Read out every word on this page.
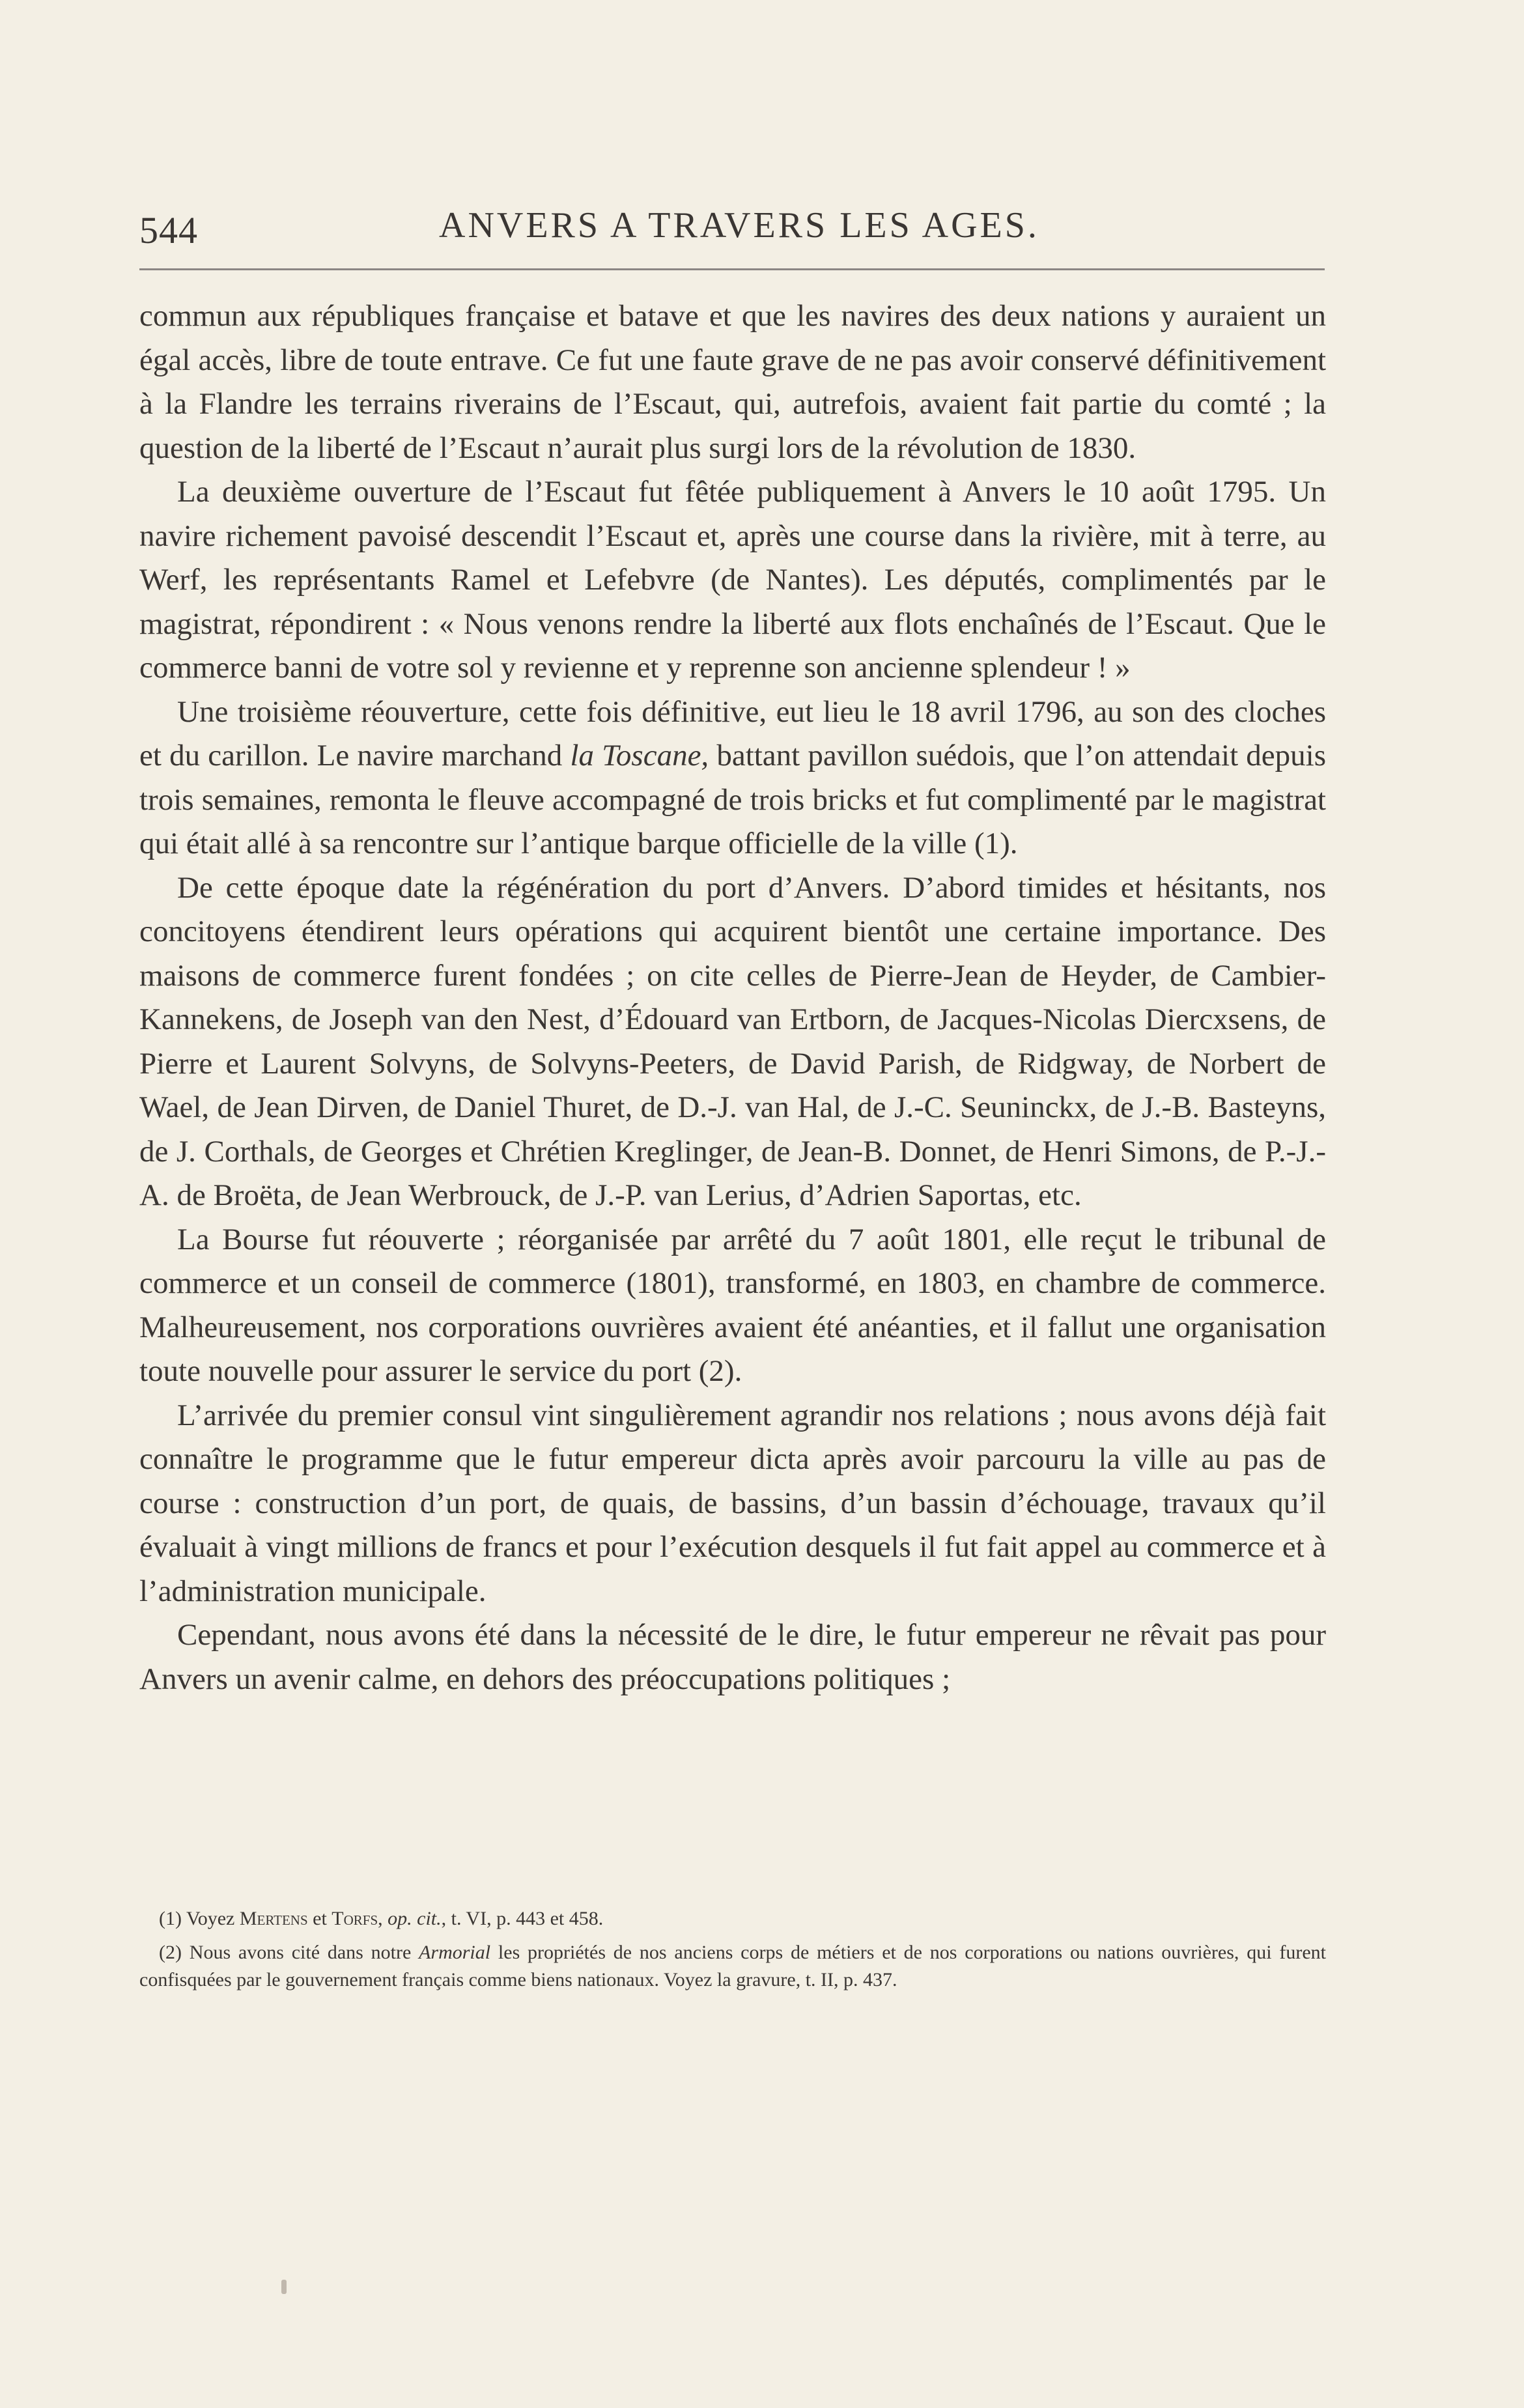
544	ANVERS A TRAVERS LES AGES.

commun aux républiques française et batave et que les navires des deux nations y auraient un égal accès, libre de toute entrave. Ce fut une faute grave de ne pas avoir conservé définitivement à la Flandre les terrains riverains de l’Escaut, qui, autrefois, avaient fait partie du comté ; la question de la liberté de l’Escaut n’aurait plus surgi lors de la révolution de 1830.

La deuxième ouverture de l’Escaut fut fêtée publiquement à Anvers le 10 août 1795. Un navire richement pavoisé descendit l’Escaut et, après une course dans la rivière, mit à terre, au Werf, les représentants Ramel et Lefebvre (de Nantes). Les députés, complimentés par le magistrat, répondirent : « Nous venons rendre la liberté aux flots enchaînés de l’Escaut. Que le commerce banni de votre sol y revienne et y reprenne son ancienne splendeur ! »

Une troisième réouverture, cette fois définitive, eut lieu le 18 avril 1796, au son des cloches et du carillon. Le navire marchand la Toscane, battant pavillon suédois, que l’on attendait depuis trois semaines, remonta le fleuve accompagné de trois bricks et fut complimenté par le magistrat qui était allé à sa rencontre sur l’antique barque officielle de la ville (1).

De cette époque date la régénération du port d’Anvers. D’abord timides et hésitants, nos concitoyens étendirent leurs opérations qui acquirent bientôt une certaine importance. Des maisons de commerce furent fondées ; on cite celles de Pierre-Jean de Heyder, de Cambier-Kannekens, de Joseph van den Nest, d’Édouard van Ertborn, de Jacques-Nicolas Diercxsens, de Pierre et Laurent Solvyns, de Solvyns-Peeters, de David Parish, de Ridgway, de Norbert de Wael, de Jean Dirven, de Daniel Thuret, de D.-J. van Hal, de J.-C. Seuninckx, de J.-B. Basteyns, de J. Corthals, de Georges et Chrétien Kreglinger, de Jean-B. Donnet, de Henri Simons, de P.-J.-A. de Broëta, de Jean Werbrouck, de J.-P. van Lerius, d’Adrien Saportas, etc.

La Bourse fut réouverte ; réorganisée par arrêté du 7 août 1801, elle reçut le tribunal de commerce et un conseil de commerce (1801), transformé, en 1803, en chambre de commerce. Malheureusement, nos corporations ouvrières avaient été anéanties, et il fallut une organisation toute nouvelle pour assurer le service du port (2).

L’arrivée du premier consul vint singulièrement agrandir nos relations ; nous avons déjà fait connaître le programme que le futur empereur dicta après avoir parcouru la ville au pas de course : construction d’un port, de quais, de bassins, d’un bassin d’échouage, travaux qu’il évaluait à vingt millions de francs et pour l’exécution desquels il fut fait appel au commerce et à l’administration municipale.

Cependant, nous avons été dans la nécessité de le dire, le futur empereur ne rêvait pas pour Anvers un avenir calme, en dehors des préoccupations politiques ;

(1) Voyez Mertens et Torfs, op. cit., t. VI, p. 443 et 458.

(2) Nous avons cité dans notre Armorial les propriétés de nos anciens corps de métiers et de nos corporations ou nations ouvrières, qui furent confisquées par le gouvernement français comme biens nationaux. Voyez la gravure, t. II, p. 437.
